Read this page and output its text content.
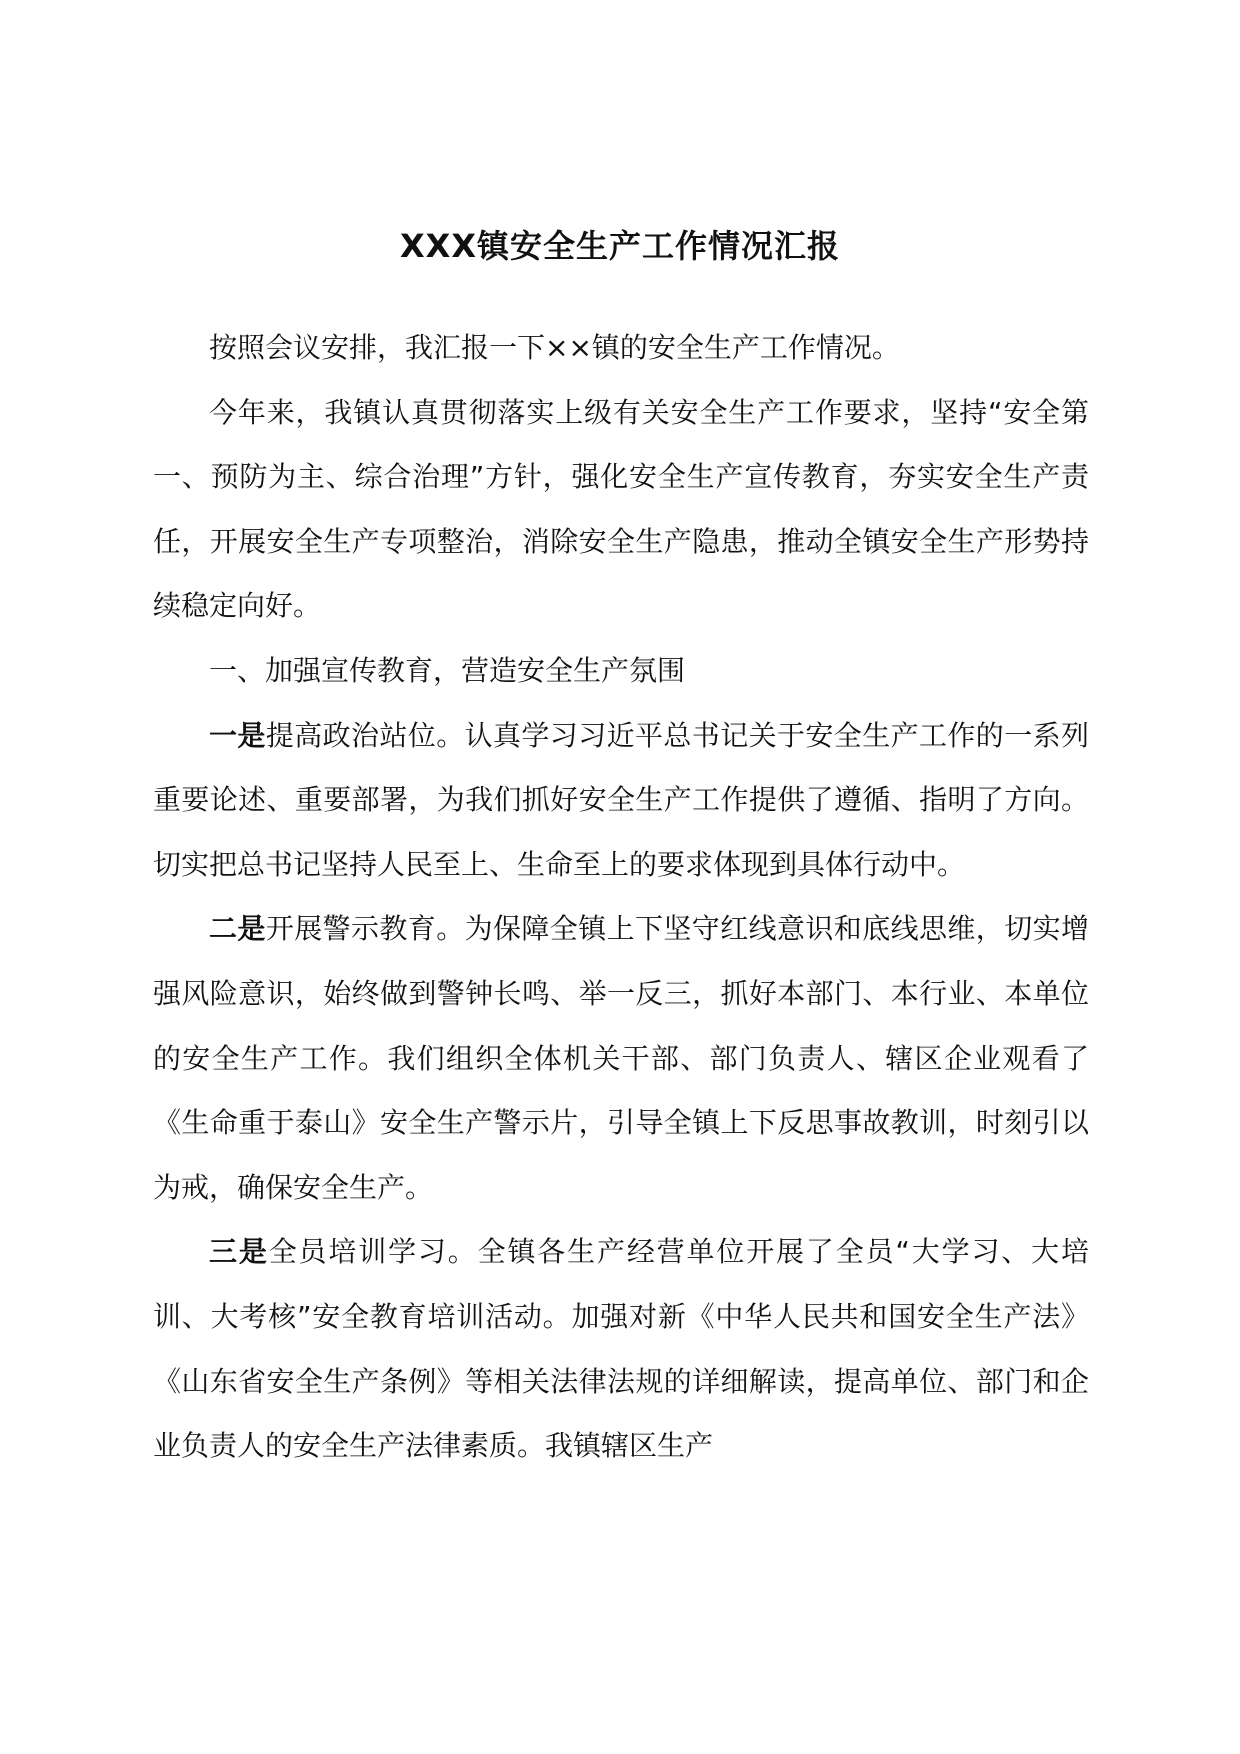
XXX镇安全生产工作情况汇报

按照会议安排，我汇报一下××镇的安全生产工作情况。

今年来，我镇认真贯彻落实上级有关安全生产工作要求，坚持“安全第一、预防为主、综合治理”方针，强化安全生产宣传教育，夯实安全生产责任，开展安全生产专项整治，消除安全生产隐患，推动全镇安全生产形势持续稳定向好。

一、加强宣传教育，营造安全生产氛围

一是提高政治站位。认真学习习近平总书记关于安全生产工作的一系列重要论述、重要部署，为我们抓好安全生产工作提供了遵循、指明了方向。切实把总书记坚持人民至上、生命至上的要求体现到具体行动中。

二是开展警示教育。为保障全镇上下坚守红线意识和底线思维，切实增强风险意识，始终做到警钟长鸣、举一反三，抓好本部门、本行业、本单位的安全生产工作。我们组织全体机关干部、部门负责人、辖区企业观看了《生命重于泰山》安全生产警示片，引导全镇上下反思事故教训，时刻引以为戒，确保安全生产。

三是全员培训学习。全镇各生产经营单位开展了全员“大学习、大培训、大考核”安全教育培训活动。加强对新《中华人民共和国安全生产法》《山东省安全生产条例》等相关法律法规的详细解读，提高单位、部门和企业负责人的安全生产法律素质。我镇辖区生产
